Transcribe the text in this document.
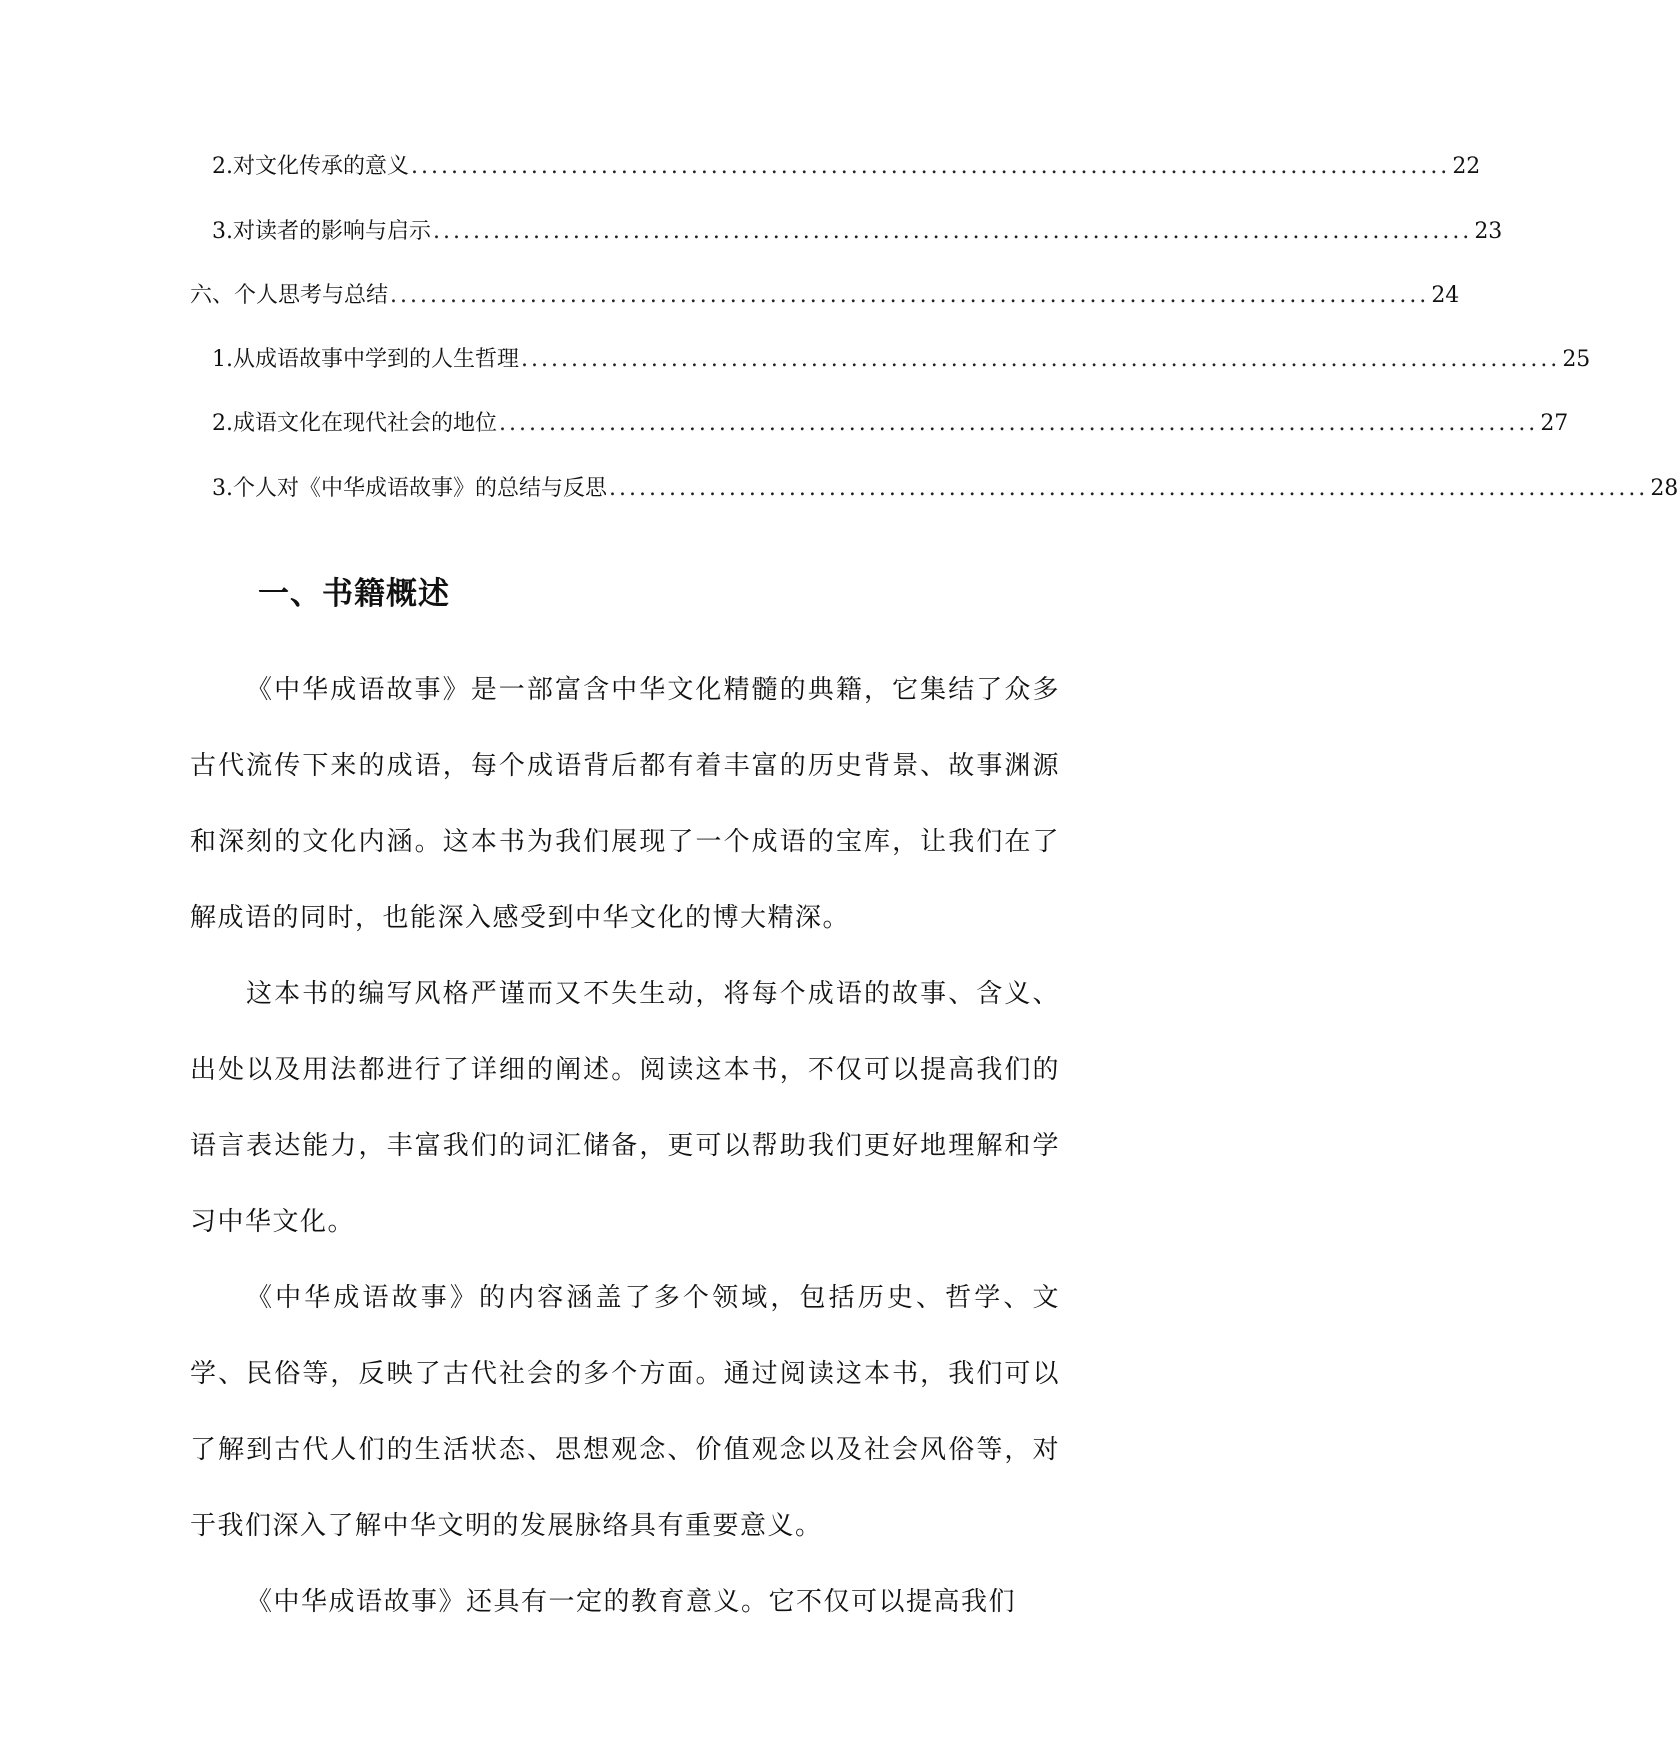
2. 对文化传承的意义 ........................................................................................................ 22
3. 对读者的影响与启示 ........................................................................................................ 23
六、个人思考与总结 ........................................................................................................ 24
1. 从成语故事中学到的人生哲理 ........................................................................................................ 25
2. 成语文化在现代社会的地位 ........................................................................................................ 27
3. 个人对《中华成语故事》的总结与反思 ........................................................................................................ 28
一、书籍概述

《中华成语故事》是一部富含中华文化精髓的典籍，它集结了众多古代流传下来的成语，每个成语背后都有着丰富的历史背景、故事渊源和深刻的文化内涵。这本书为我们展现了一个成语的宝库，让我们在了解成语的同时，也能深入感受到中华文化的博大精深。

这本书的编写风格严谨而又不失生动，将每个成语的故事、含义、出处以及用法都进行了详细的阐述。阅读这本书，不仅可以提高我们的语言表达能力，丰富我们的词汇储备，更可以帮助我们更好地理解和学习中华文化。

《中华成语故事》的内容涵盖了多个领域，包括历史、哲学、文学、民俗等，反映了古代社会的多个方面。通过阅读这本书，我们可以了解到古代人们的生活状态、思想观念、价值观念以及社会风俗等，对于我们深入了解中华文明的发展脉络具有重要意义。

《中华成语故事》还具有一定的教育意义。它不仅可以提高我们
